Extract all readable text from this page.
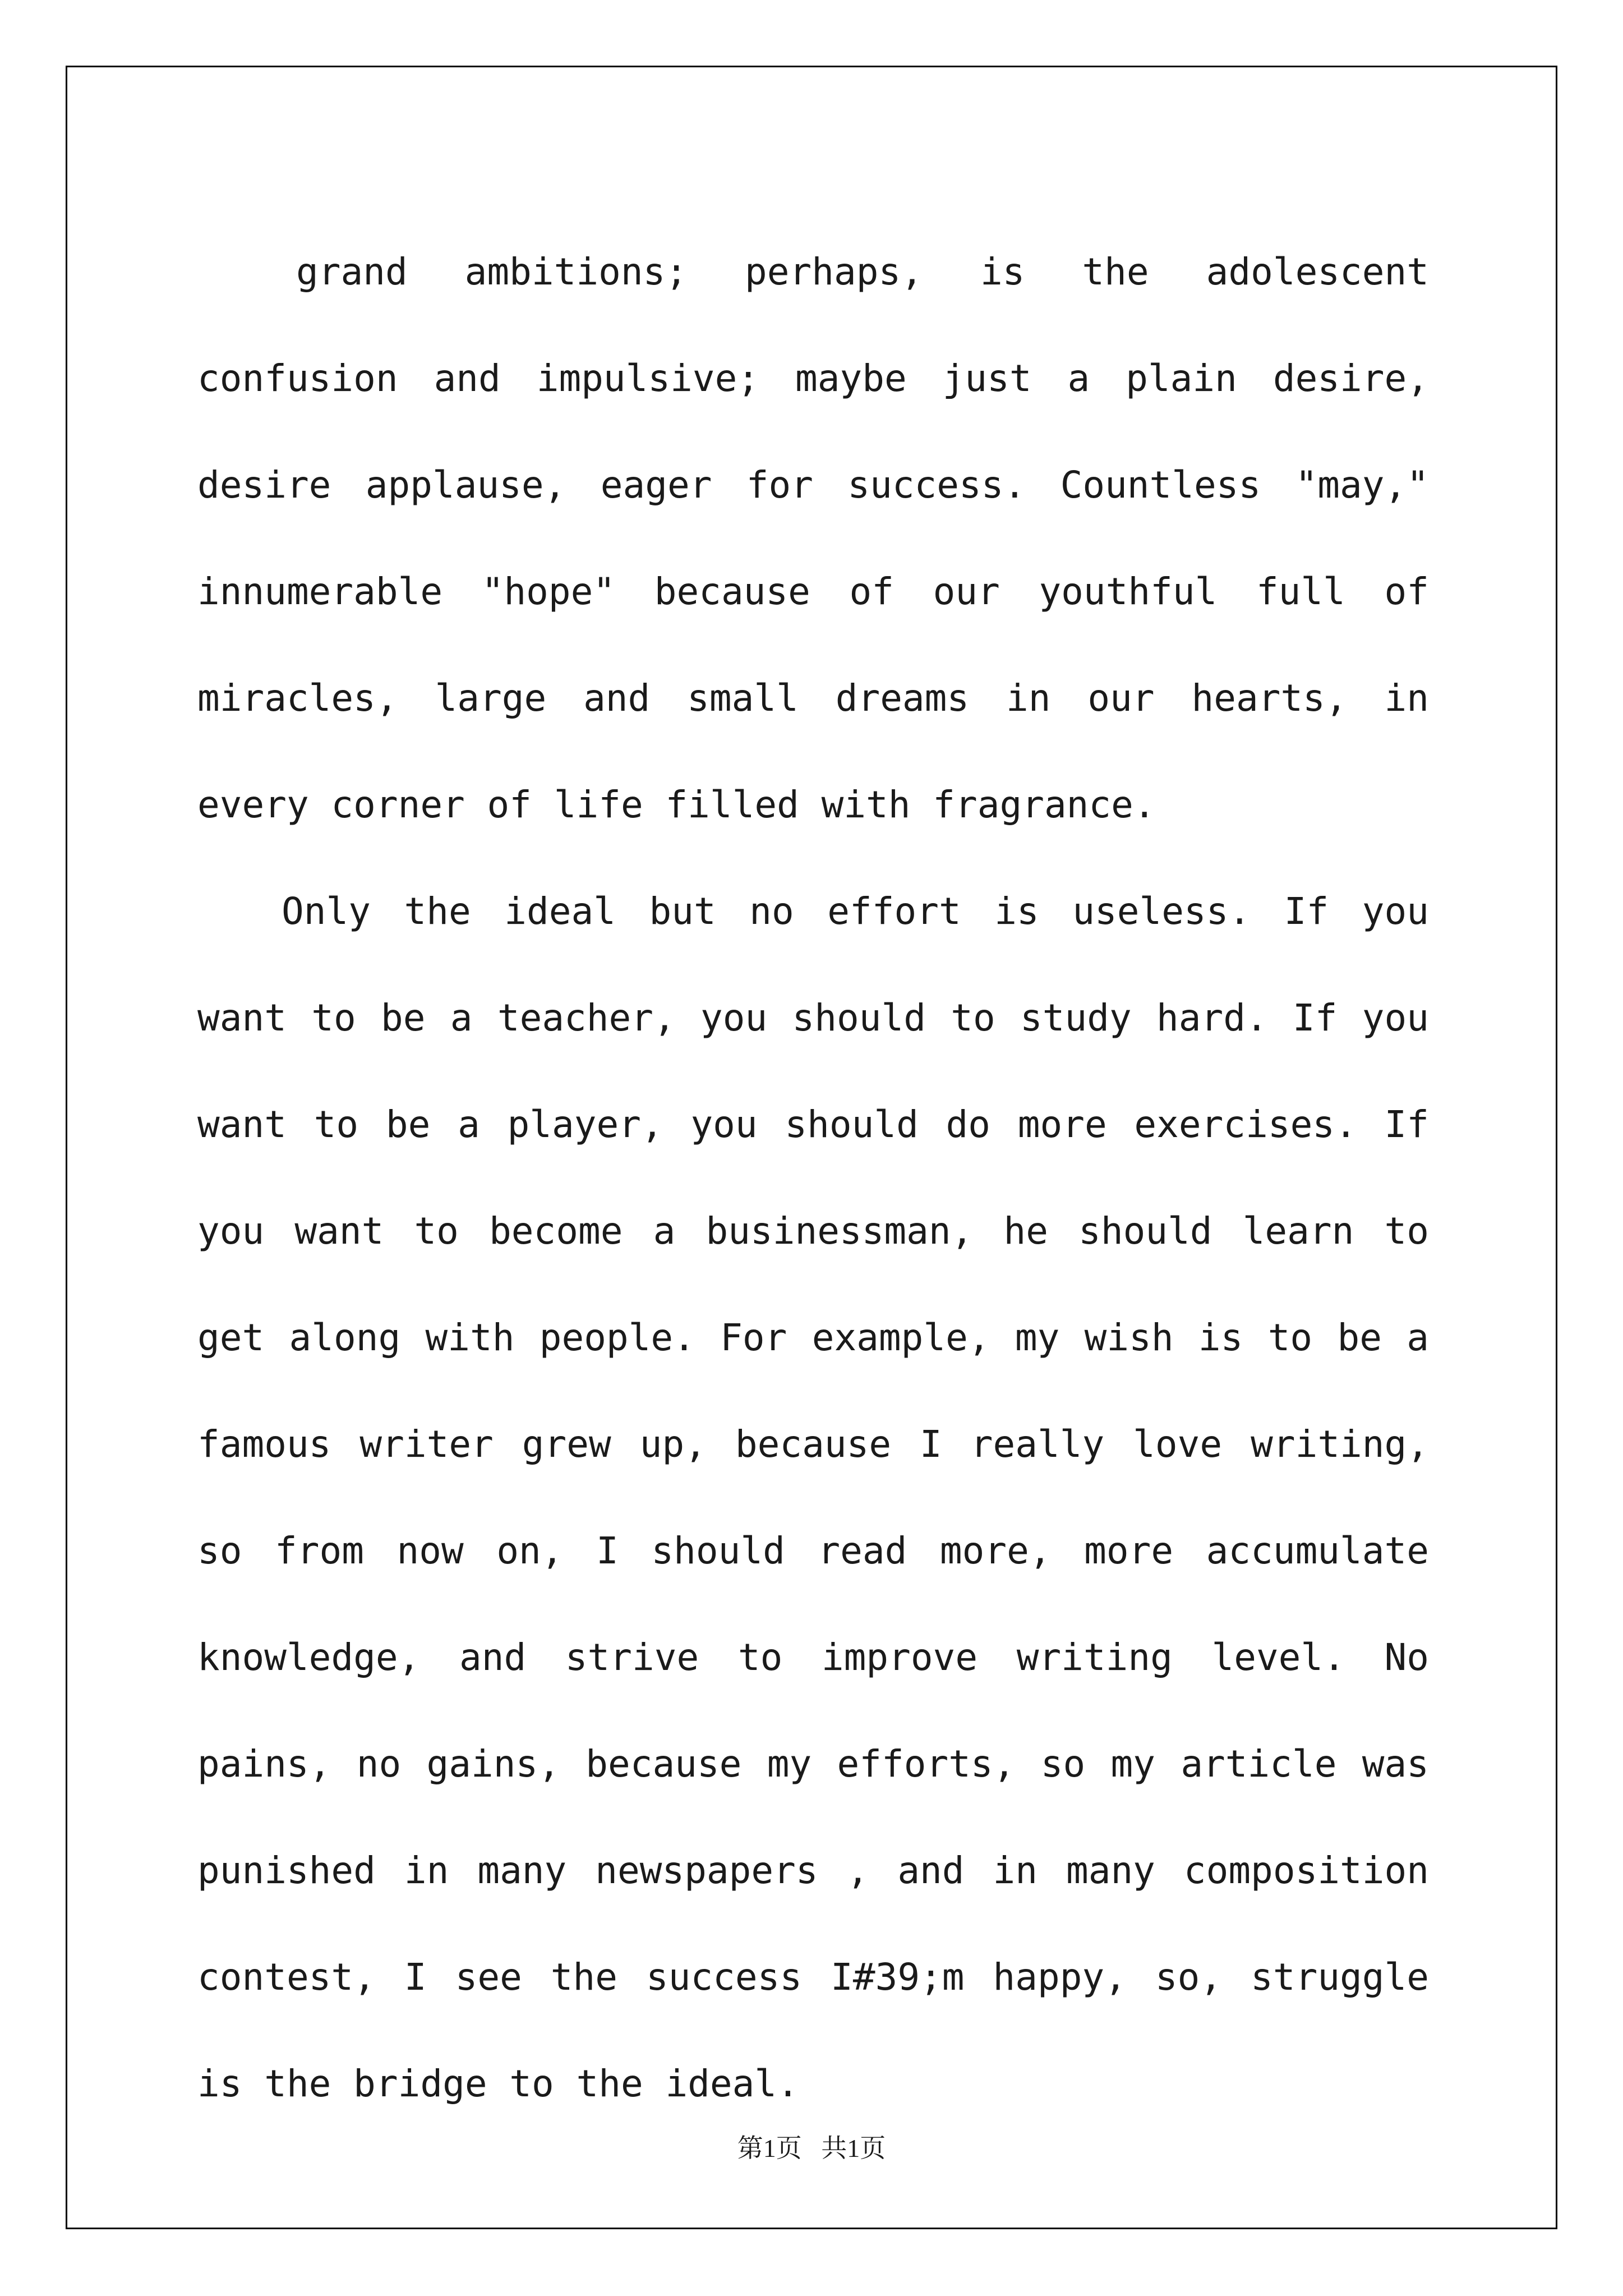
grand ambitions; perhaps, is the adolescent confusion and impulsive; maybe just a plain desire, desire applause, eager for success. Countless "may," innumerable "hope" because of our youthful full of miracles, large and small dreams in our hearts, in every corner of life filled with fragrance.

Only the ideal but no effort is useless. If you want to be a teacher, you should to study hard. If you want to be a player, you should do more exercises. If you want to become a businessman, he should learn to get along with people. For example, my wish is to be a famous writer grew up, because I really love writing, so from now on, I should read more, more accumulate knowledge, and strive to improve writing level. No pains, no gains, because my efforts, so my article was punished in many newspapers , and in many composition contest, I see the success I#39;m happy, so, struggle is the bridge to the ideal.

第1页   共1页
